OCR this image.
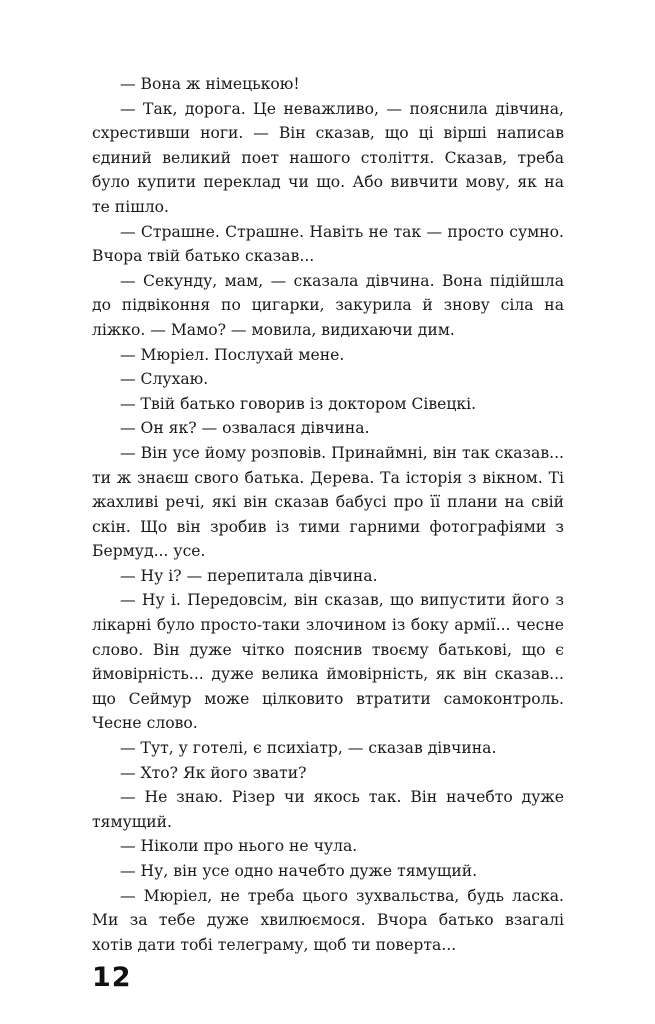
— Вона ж німецькою!

— Так, дорога. Це неважливо, — пояснила дівчина, схрестивши ноги. — Він сказав, що ці вірші написав єдиний великий поет нашого століття. Сказав, треба було купити переклад чи що. Або вивчити мову, як на те пішло.

— Страшне. Страшне. Навіть не так — просто сумно. Вчора твій батько сказав...

— Секунду, мам, — сказала дівчина. Вона підійшла до підвіконня по цигарки, закурила й знову сіла на ліжко. — Мамо? — мовила, видихаючи дим.

— Мюріел. Послухай мене.

— Слухаю.

— Твій батько говорив із доктором Сівецкі.

— Он як? — озвалася дівчина.

— Він усе йому розповів. Принаймні, він так сказав... ти ж знаєш свого батька. Дерева. Та історія з вікном. Ті жахливі речі, які він сказав бабусі про її плани на свій скін. Що він зробив із тими гарними фотографіями з Бермуд... усе.

— Ну і? — перепитала дівчина.

— Ну і. Передовсім, він сказав, що випустити його з лікарні було просто-таки злочином із боку армії... чесне слово. Він дуже чітко пояснив твоєму батькові, що є ймовірність... дуже велика ймовірність, як він сказав... що Сеймур може цілковито втратити самоконтроль. Чесне слово.

— Тут, у готелі, є психіатр, — сказав дівчина.

— Хто? Як його звати?

— Не знаю. Різер чи якось так. Він начебто дуже тямущий.

— Ніколи про нього не чула.

— Ну, він усе одно начебто дуже тямущий.

— Мюріел, не треба цього зухвальства, будь ласка. Ми за тебе дуже хвилюємося. Вчора батько взагалі хотів дати тобі телеграму, щоб ти поверта...

12
